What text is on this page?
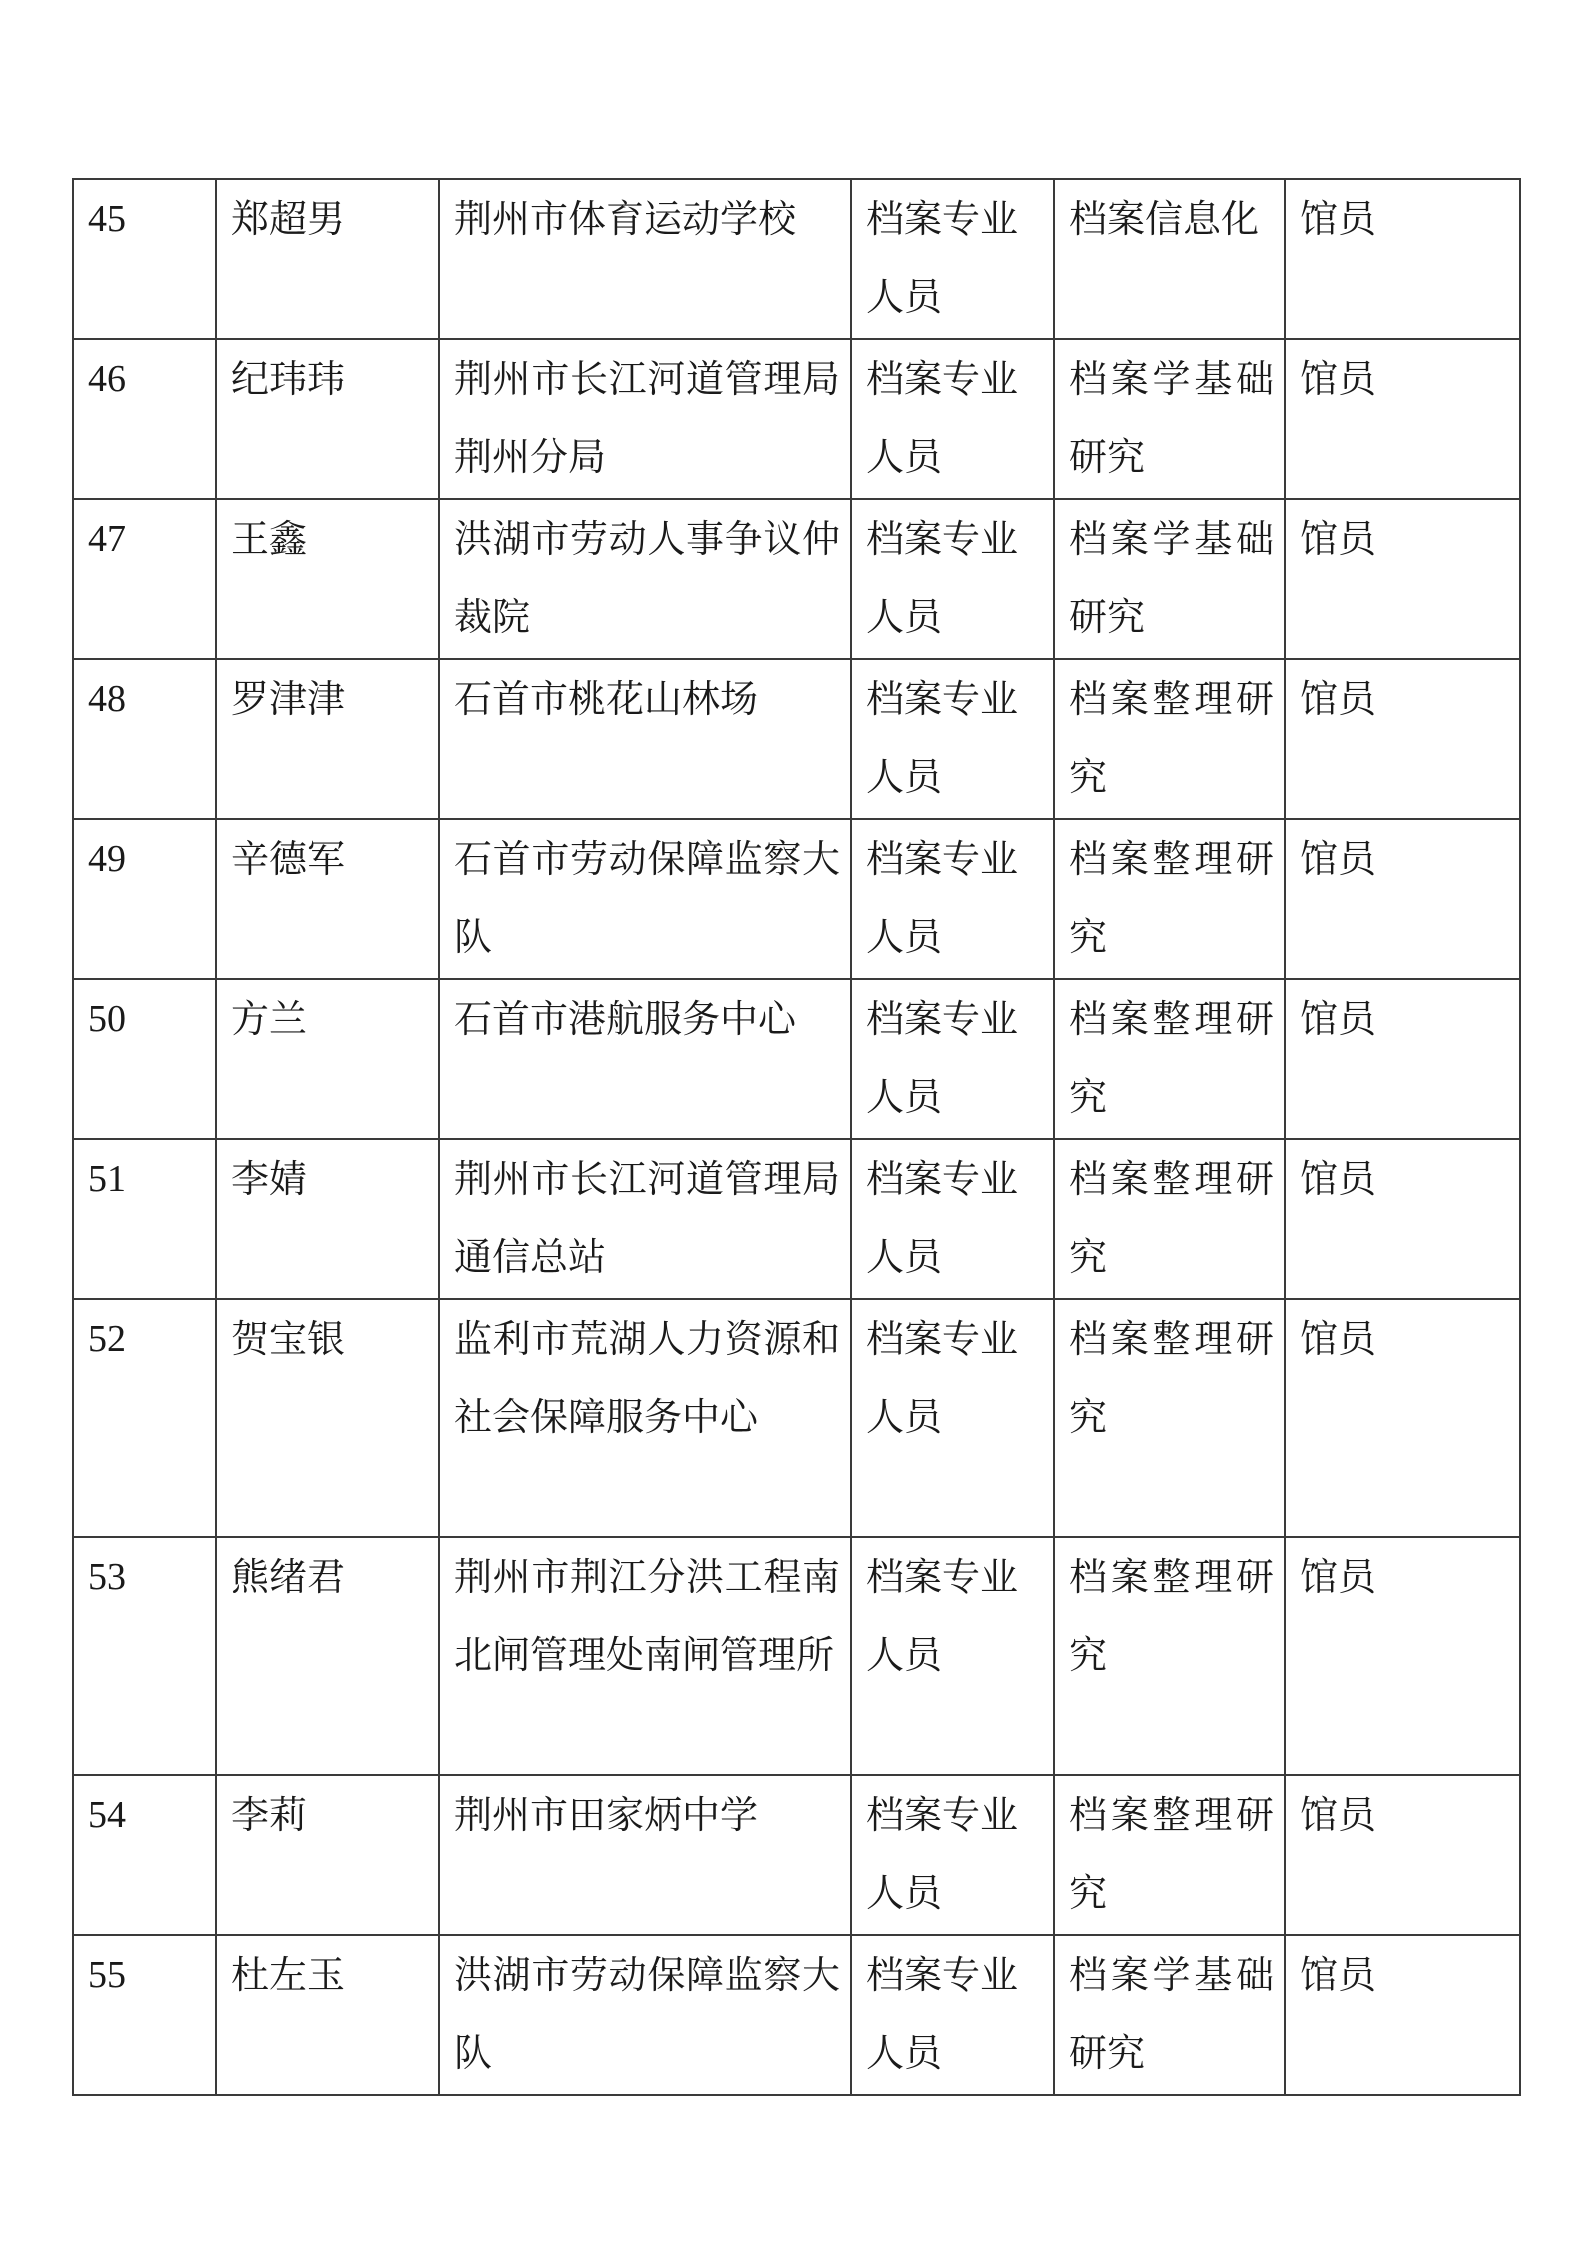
45	郑超男	荆州市体育运动学校	档案专业人员	档案信息化	馆员

46	纪玮玮	荆州市长江河道管理局荆州分局	档案专业人员	档案学基础研究	馆员

47	王鑫	洪湖市劳动人事争议仲裁院	档案专业人员	档案学基础研究	馆员

48	罗津津	石首市桃花山林场	档案专业人员	档案整理研究	馆员

49	辛德军	石首市劳动保障监察大队	档案专业人员	档案整理研究	馆员

50	方兰	石首市港航服务中心	档案专业人员	档案整理研究	馆员

51	李婧	荆州市长江河道管理局通信总站	档案专业人员	档案整理研究	馆员

52	贺宝银	监利市荒湖人力资源和社会保障服务中心	档案专业人员	档案整理研究	馆员

53	熊绪君	荆州市荆江分洪工程南北闸管理处南闸管理所	档案专业人员	档案整理研究	馆员

54	李莉	荆州市田家炳中学	档案专业人员	档案整理研究	馆员

55	杜左玉	洪湖市劳动保障监察大队	档案专业人员	档案学基础研究	馆员
